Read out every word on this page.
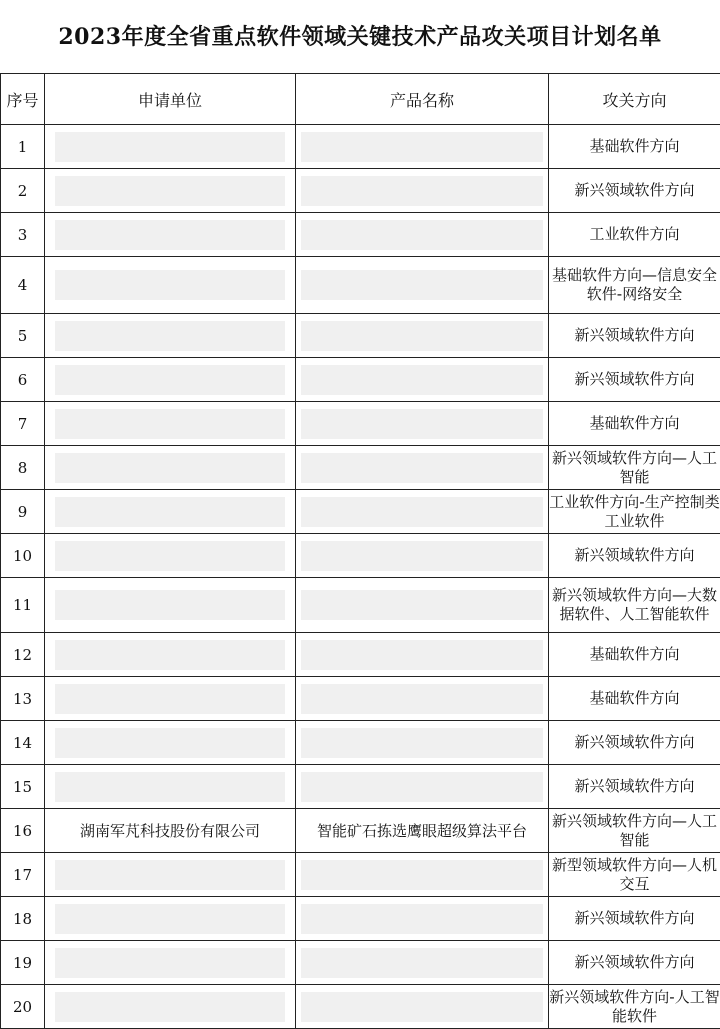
2023年度全省重点软件领域关键技术产品攻关项目计划名单
序号	申请单位	产品名称	攻关方向
1			基础软件方向
2			新兴领域软件方向
3			工业软件方向
4			基础软件方向—信息安全软件-网络安全
5			新兴领域软件方向
6			新兴领域软件方向
7			基础软件方向
8			新兴领域软件方向—人工智能
9			工业软件方向-生产控制类工业软件
10			新兴领域软件方向
11			新兴领域软件方向—大数据软件、人工智能软件
12			基础软件方向
13			基础软件方向
14			新兴领域软件方向
15			新兴领域软件方向
16	湖南军芃科技股份有限公司	智能矿石拣选鹰眼超级算法平台	新兴领域软件方向—人工智能
17			新型领域软件方向—人机交互
18			新兴领域软件方向
19			新兴领域软件方向
20			新兴领域软件方向-人工智能软件
